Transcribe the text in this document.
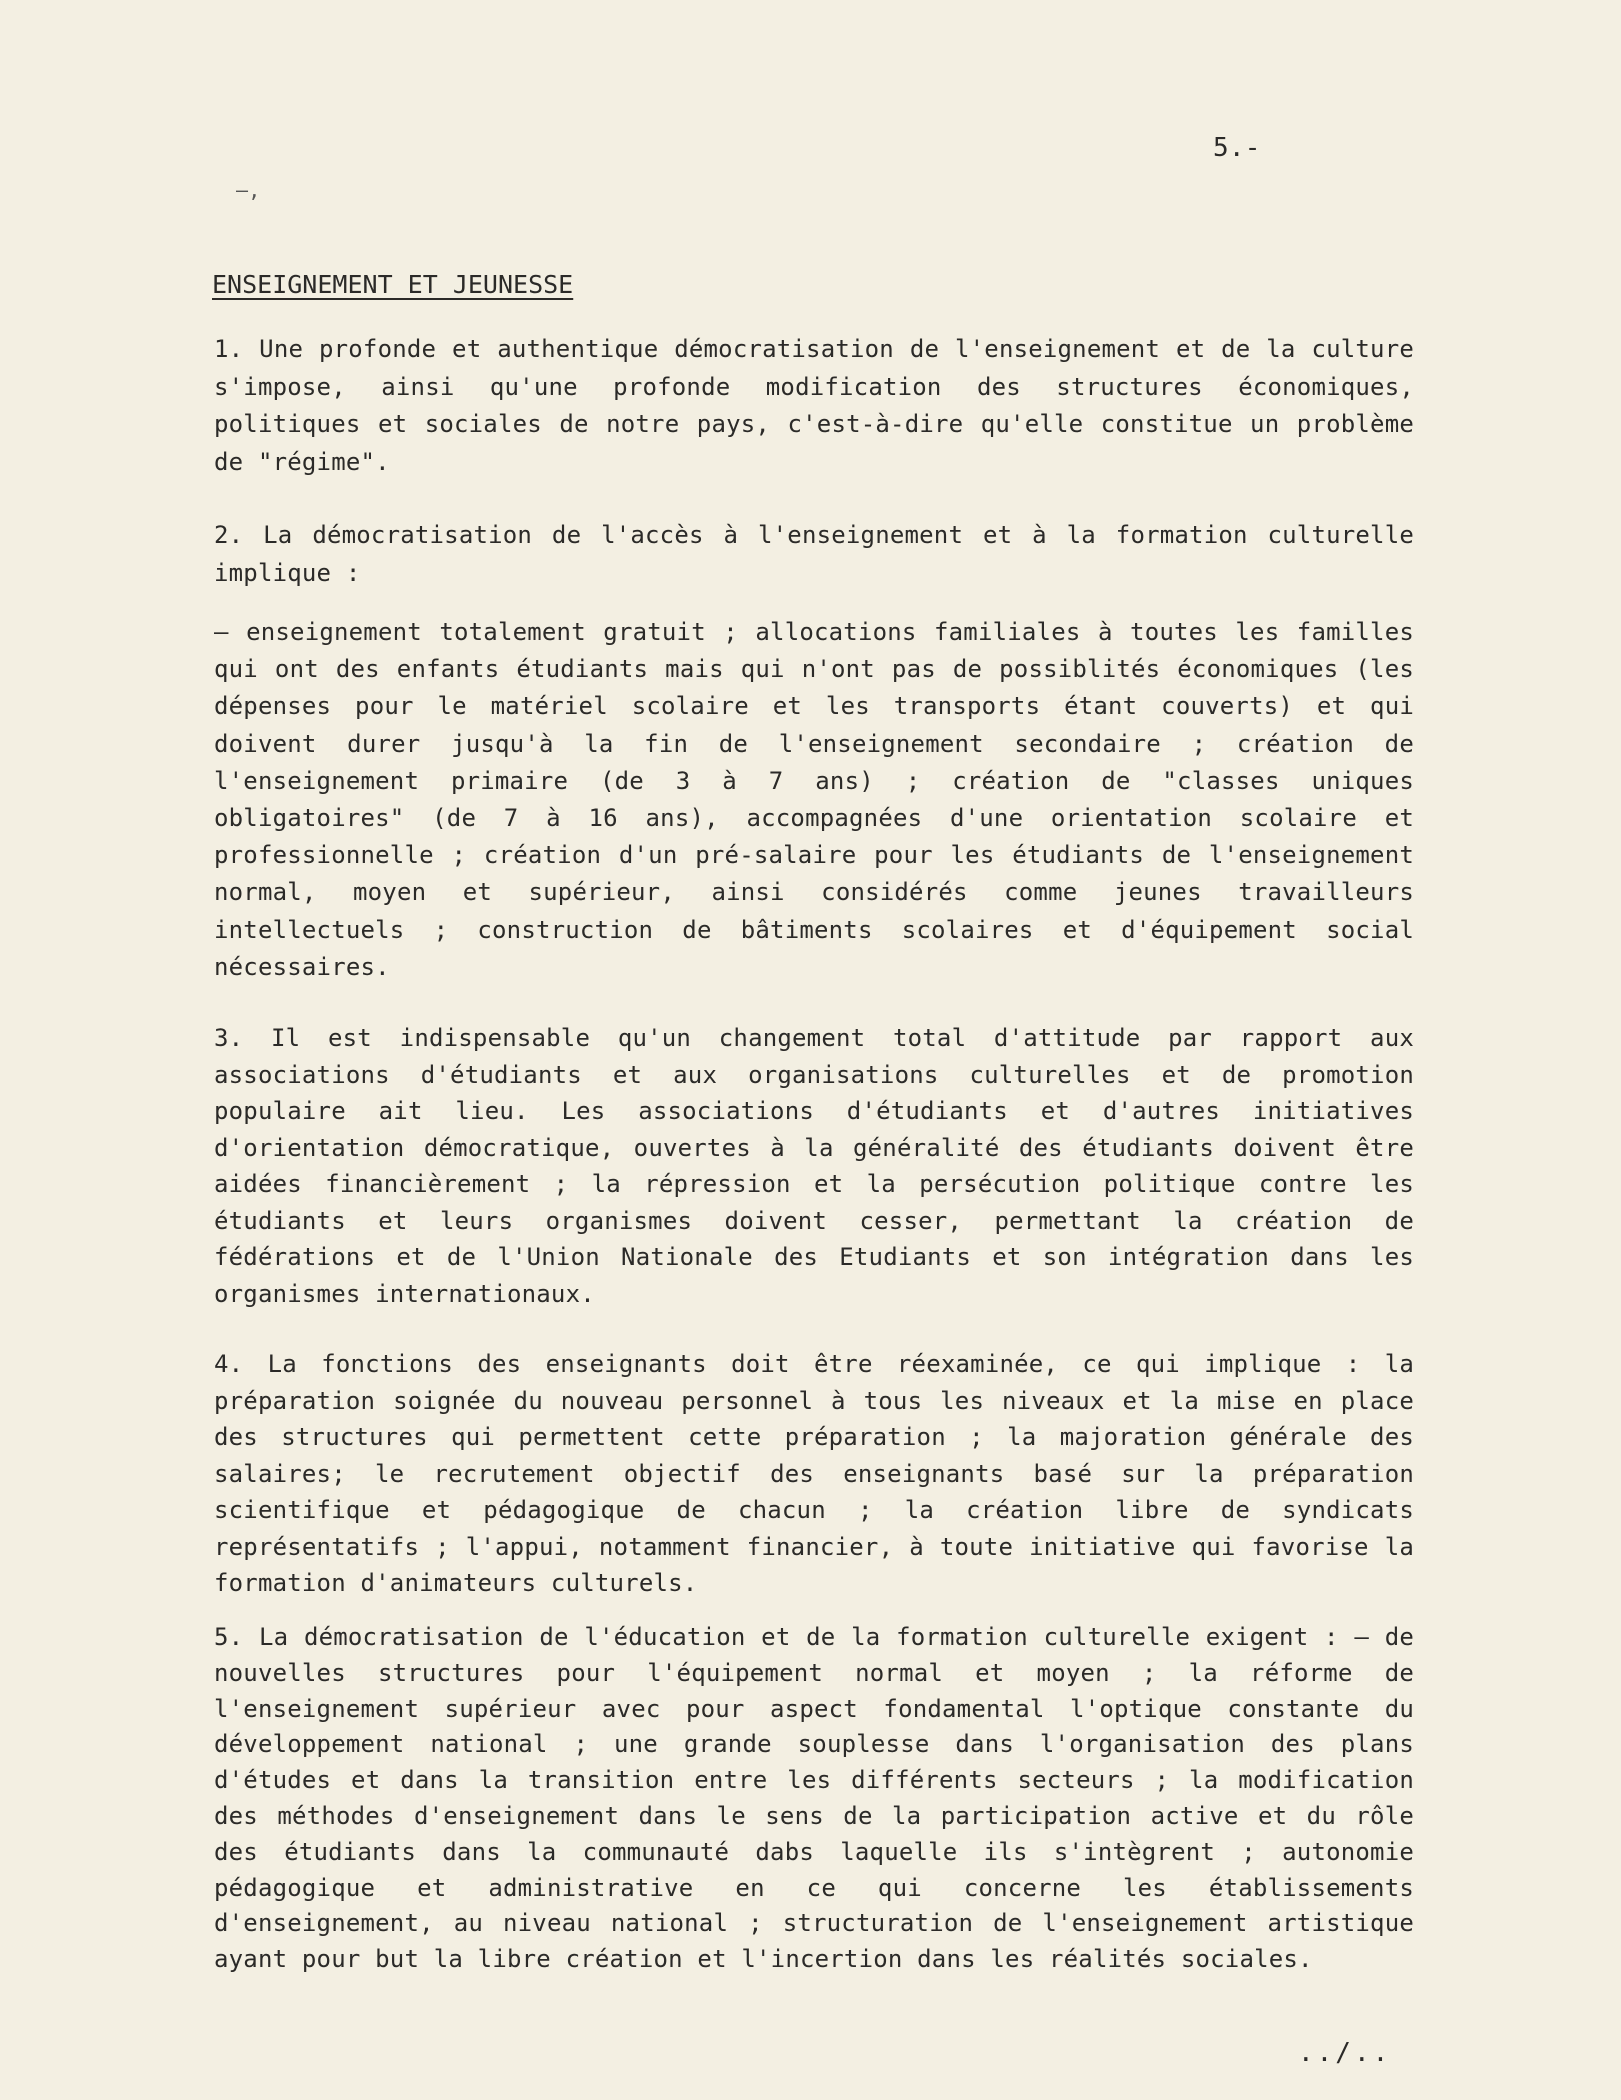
5.-
–,
ENSEIGNEMENT ET JEUNESSE

1. Une profonde et authentique démocratisation de l'enseignement et de la culture s'impose, ainsi qu'une profonde modification des structures économiques, politiques et sociales de notre pays, c'est-à-dire qu'elle constitue un problème de "régime".

2. La démocratisation de l'accès à l'enseignement et à la formation culturelle implique :

– enseignement totalement gratuit ; allocations familiales à toutes les familles qui ont des enfants étudiants mais qui n'ont pas de possiblités économiques (les dépenses pour le matériel scolaire et les transports étant couverts) et qui doivent durer jusqu'à la fin de l'enseignement secondaire ; création de l'enseignement primaire (de 3 à 7 ans) ; création de "classes uniques obligatoires" (de 7 à 16 ans), accompagnées d'une orientation scolaire et professionnelle ; création d'un pré-salaire pour les étudiants de l'enseignement normal, moyen et supérieur, ainsi considérés comme jeunes travailleurs intellectuels ; construction de bâtiments scolaires et d'équipement social nécessaires.

3. Il est indispensable qu'un changement total d'attitude par rapport aux associations d'étudiants et aux organisations culturelles et de promotion populaire ait lieu. Les associations d'étudiants et d'autres initiatives d'orientation démocratique, ouvertes à la généralité des étudiants doivent être aidées financièrement ; la répression et la persécution politique contre les étudiants et leurs organismes doivent cesser, permettant la création de fédérations et de l'Union Nationale des Etudiants et son intégration dans les organismes internationaux.

4. La fonctions des enseignants doit être réexaminée, ce qui implique : la préparation soignée du nouveau personnel à tous les niveaux et la mise en place des structures qui permettent cette préparation ; la majoration générale des salaires; le recrutement objectif des enseignants basé sur la préparation scientifique et pédagogique de chacun ; la création libre de syndicats représentatifs ; l'appui, notamment financier, à toute initiative qui favorise la formation d'animateurs culturels.

5. La démocratisation de l'éducation et de la formation culturelle exigent : – de nouvelles structures pour l'équipement normal et moyen ; la réforme de l'enseignement supérieur avec pour aspect fondamental l'optique constante du développement national ; une grande souplesse dans l'organisation des plans d'études et dans la transition entre les différents secteurs ; la modification des méthodes d'enseignement dans le sens de la participation active et du rôle des étudiants dans la communauté dabs laquelle ils s'intègrent ; autonomie pédagogique et administrative en ce qui concerne les établissements d'enseignement, au niveau national ; structuration de l'enseignement artistique ayant pour but la libre création et l'incertion dans les réalités sociales.

../..
